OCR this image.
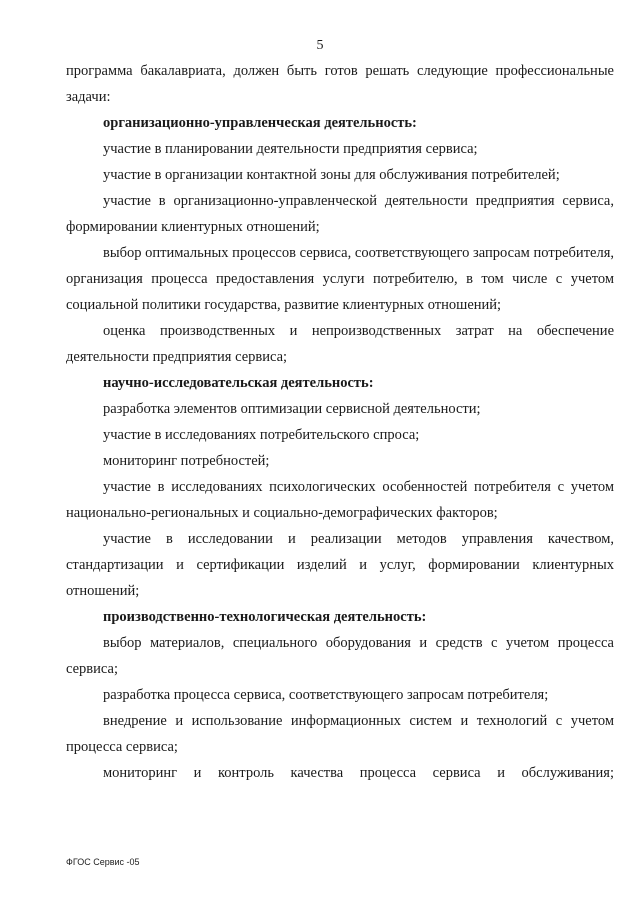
5

программа бакалавриата, должен быть готов решать следующие профессиональные задачи:

организационно-управленческая деятельность:

участие в планировании деятельности предприятия сервиса;

участие в организации контактной зоны для обслуживания потребителей;

участие в организационно-управленческой деятельности предприятия сервиса, формировании клиентурных отношений;

выбор оптимальных процессов сервиса, соответствующего запросам потребителя, организация процесса предоставления услуги потребителю, в том числе с учетом социальной политики государства, развитие клиентурных отношений;

оценка производственных и непроизводственных затрат на обеспечение деятельности предприятия сервиса;

научно-исследовательская деятельность:

разработка элементов оптимизации сервисной деятельности;

участие в исследованиях потребительского спроса;

мониторинг потребностей;

участие в исследованиях психологических особенностей потребителя с учетом национально-региональных и социально-демографических факторов;

участие в исследовании и реализации методов управления качеством, стандартизации и сертификации изделий и услуг, формировании клиентурных отношений;

производственно-технологическая деятельность:

выбор материалов, специального оборудования и средств с учетом процесса сервиса;

разработка процесса сервиса, соответствующего запросам потребителя;

внедрение и использование информационных систем и технологий с учетом процесса сервиса;

мониторинг и контроль качества процесса сервиса и обслуживания;

ФГОС Сервис -05
